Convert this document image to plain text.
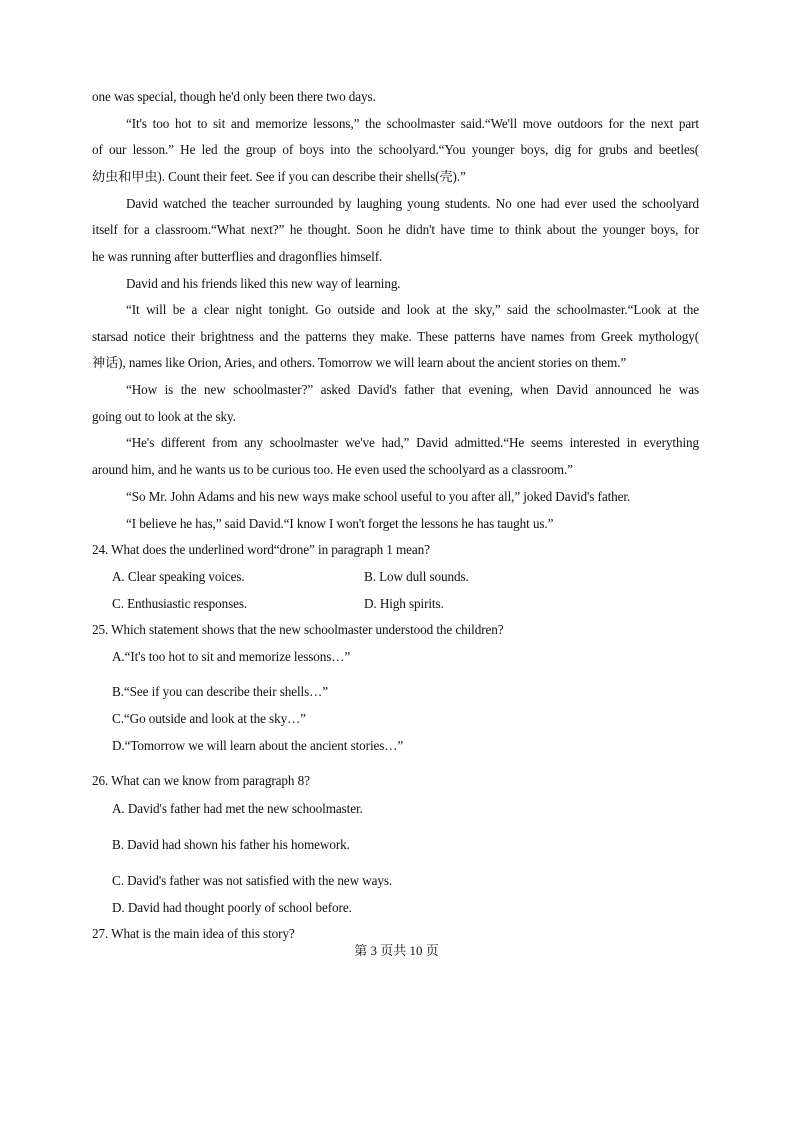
one was special, though he'd only been there two days.
“It's too hot to sit and memorize lessons,” the schoolmaster said.“We'll move outdoors for the next part
of our lesson.” He led the group of boys into the schoolyard.“You younger boys, dig for grubs and beetles(
幼虫和甲虫). Count their feet. See if you can describe their shells(壳).”
David watched the teacher surrounded by laughing young students. No one had ever used the schoolyard
itself for a classroom.“What next?” he thought. Soon he didn't have time to think about the younger boys, for
he was running after butterflies and dragonflies himself.
David and his friends liked this new way of learning.
“It will be a clear night tonight. Go outside and look at the sky,” said the schoolmaster.“Look at the
starsad notice their brightness and the patterns they make. These patterns have names from Greek mythology(
神话), names like Orion, Aries, and others. Tomorrow we will learn about the ancient stories on them.”
“How is the new schoolmaster?” asked David's father that evening, when David announced he was
going out to look at the sky.
“He's different from any schoolmaster we've had,” David admitted.“He seems interested in everything
around him, and he wants us to be curious too. He even used the schoolyard as a classroom.”
“So Mr. John Adams and his new ways make school useful to you after all,” joked David's father.
“I believe he has,” said David.“I know I won't forget the lessons he has taught us.”
24. What does the underlined word“drone” in paragraph 1 mean?
A. Clear speaking voices.	B. Low dull sounds.
C. Enthusiastic responses.	D. High spirits.
25. Which statement shows that the new schoolmaster understood the children?
A.“It's too hot to sit and memorize lessons…”
B.“See if you can describe their shells…”
C.“Go outside and look at the sky…”
D.“Tomorrow we will learn about the ancient stories…”
26. What can we know from paragraph 8?
A. David's father had met the new schoolmaster.
B. David had shown his father his homework.
C. David's father was not satisfied with the new ways.
D. David had thought poorly of school before.
27. What is the main idea of this story?
第 3 页共 10 页
